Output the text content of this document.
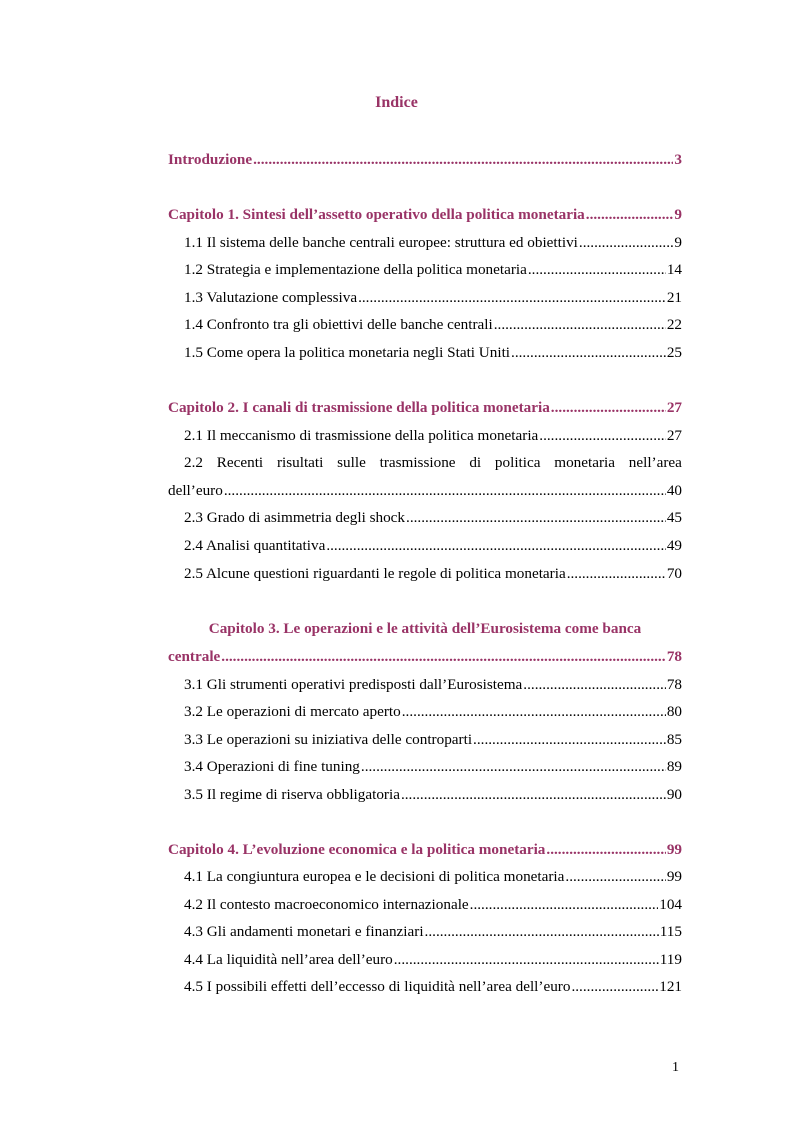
Indice
Introduzione .....	3
Capitolo 1. Sintesi dell’assetto operativo della politica monetaria .....	9
1.1 Il sistema delle banche centrali europee: struttura ed obiettivi .....	9
1.2 Strategia e implementazione della politica monetaria .....	14
1.3 Valutazione complessiva .....	21
1.4 Confronto tra gli obiettivi delle banche centrali .....	22
1.5 Come opera la politica monetaria negli Stati Uniti .....	25
Capitolo 2. I canali di trasmissione della politica monetaria .....	27
2.1 Il meccanismo di trasmissione della politica monetaria .....	27
2.2 Recenti risultati sulle trasmissione di politica monetaria nell’area
dell’euro .....	40
2.3 Grado di asimmetria degli shock .....	45
2.4 Analisi quantitativa .....	49
2.5 Alcune questioni riguardanti le regole di politica monetaria .....	70
Capitolo 3. Le operazioni e le attività dell’Eurosistema come banca
centrale .....	78
3.1 Gli strumenti operativi predisposti dall’Eurosistema .....	78
3.2 Le operazioni di mercato aperto .....	80
3.3 Le operazioni su iniziativa delle controparti .....	85
3.4 Operazioni di fine tuning .....	89
3.5 Il regime di riserva obbligatoria .....	90
Capitolo 4. L’evoluzione economica e la politica monetaria .....	99
4.1 La congiuntura europea e le decisioni di politica monetaria .....	99
4.2 Il contesto macroeconomico internazionale .....	104
4.3 Gli andamenti monetari e finanziari .....	115
4.4 La liquidità nell’area dell’euro .....	119
4.5 I possibili effetti dell’eccesso di liquidità nell’area dell’euro .....	121
1
